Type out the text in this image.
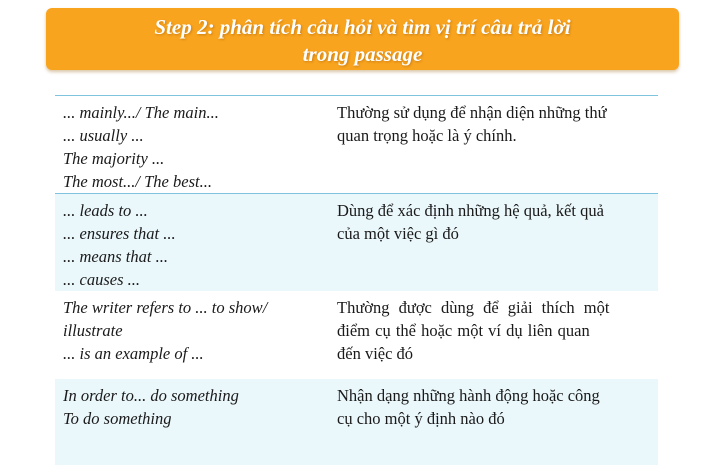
Step 2: phân tích câu hỏi và tìm vị trí câu trả lời
trong passage
... mainly.../ The main...
... usually ...
The majority ...
The most.../ The best...
Thường sử dụng để nhận diện những thứ
quan trọng hoặc là ý chính.
... leads to ...
... ensures that ...
... means that ...
... causes ...
Dùng để xác định những hệ quả, kết quả
của một việc gì đó
The writer refers to ... to show/
illustrate
... is an example of ...
Thường được dùng để giải thích một
điểm cụ thể hoặc một ví dụ liên quan
đến việc đó
In order to... do something
To do something
Nhận dạng những hành động hoặc công
cụ cho một ý định nào đó
